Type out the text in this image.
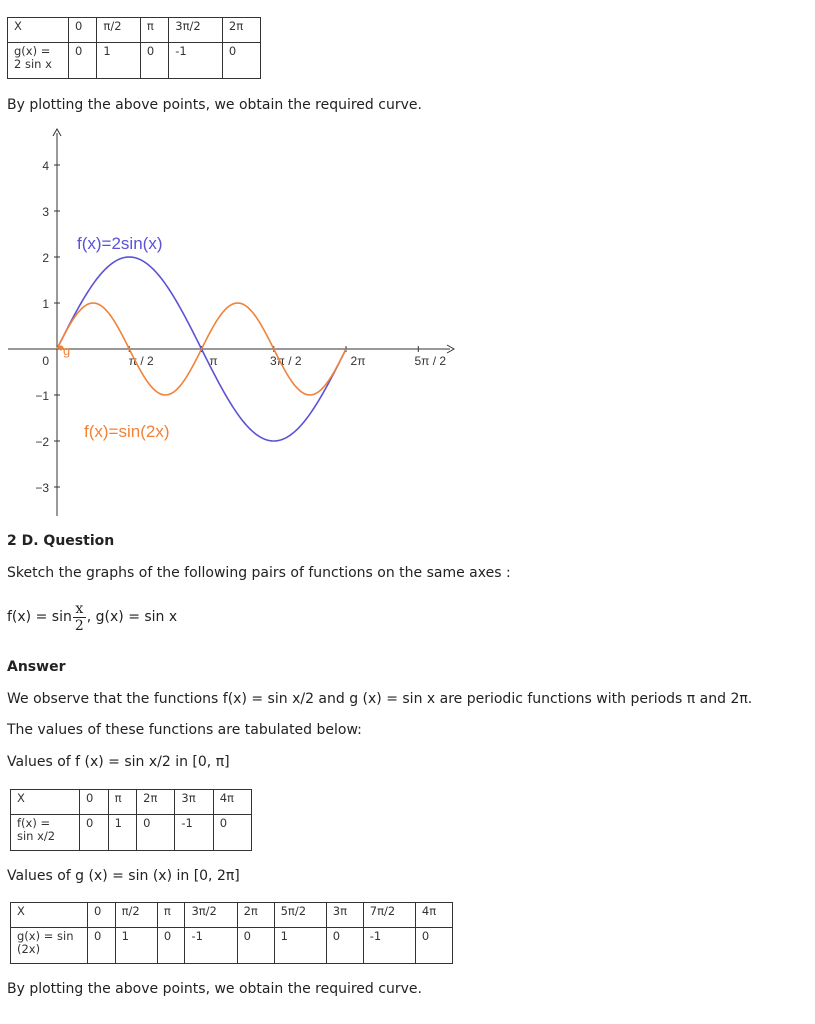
X	0	π/2	π	3π/2	2π
g(x) =
2 sin x	0	1	0	-1	0
By plotting the above points, we obtain the required curve.
4
3
2
1
0
−1
−2
−3
π / 2	π	3π / 2	2π	5π / 2
g
f(x)=2sin(x)
f(x)=sin(2x)
2 D. Question
Sketch the graphs of the following pairs of functions on the same axes :
$f(x) = \sin \frac{x}{2}$ , g(x) = sin x
Answer
We observe that the functions f(x) = sin x/2 and g (x) = sin x are periodic functions with periods π and 2π.
The values of these functions are tabulated below:
Values of f (x) = sin x/2 in [0, π]
X	0	π	2π	3π	4π
f(x) =
sin x/2	0	1	0	-1	0
Values of g (x) = sin (x) in [0, 2π]
X	0	π/2	π	3π/2	2π	5π/2	3π	7π/2	4π
g(x) = sin
(2x)	0	1	0	-1	0	1	0	-1	0
By plotting the above points, we obtain the required curve.
